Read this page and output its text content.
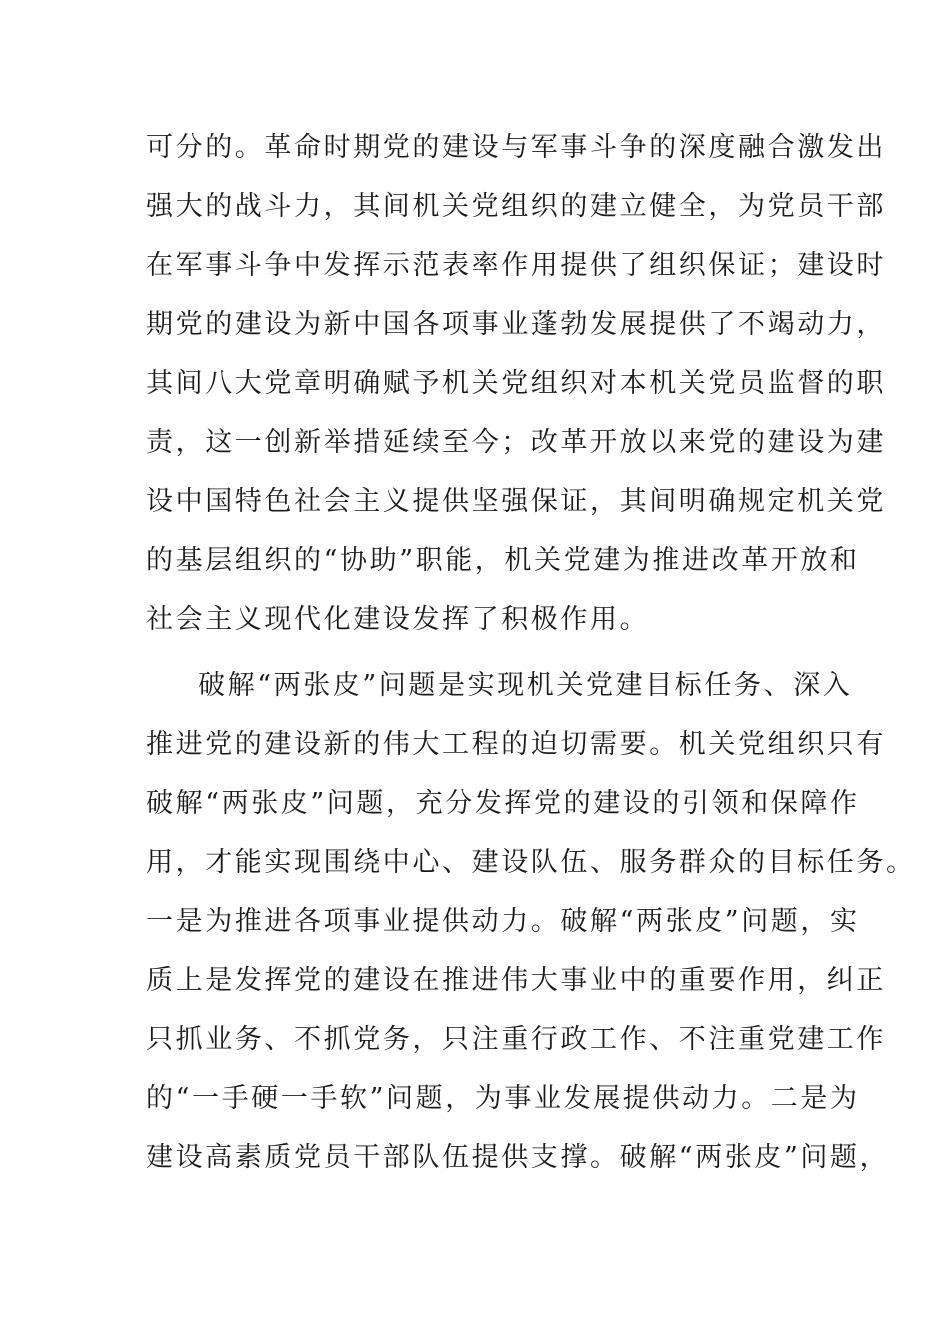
可分的。革命时期党的建设与军事斗争的深度融合激发出
强大的战斗力，其间机关党组织的建立健全，为党员干部
在军事斗争中发挥示范表率作用提供了组织保证；建设时
期党的建设为新中国各项事业蓬勃发展提供了不竭动力，
其间八大党章明确赋予机关党组织对本机关党员监督的职
责，这一创新举措延续至今；改革开放以来党的建设为建
设中国特色社会主义提供坚强保证，其间明确规定机关党
的基层组织的“协助”职能，机关党建为推进改革开放和
社会主义现代化建设发挥了积极作用。
破解“两张皮”问题是实现机关党建目标任务、深入
推进党的建设新的伟大工程的迫切需要。机关党组织只有
破解“两张皮”问题，充分发挥党的建设的引领和保障作
用，才能实现围绕中心、建设队伍、服务群众的目标任务。
一是为推进各项事业提供动力。破解“两张皮”问题，实
质上是发挥党的建设在推进伟大事业中的重要作用，纠正
只抓业务、不抓党务，只注重行政工作、不注重党建工作
的“一手硬一手软”问题，为事业发展提供动力。二是为
建设高素质党员干部队伍提供支撑。破解“两张皮”问题，
